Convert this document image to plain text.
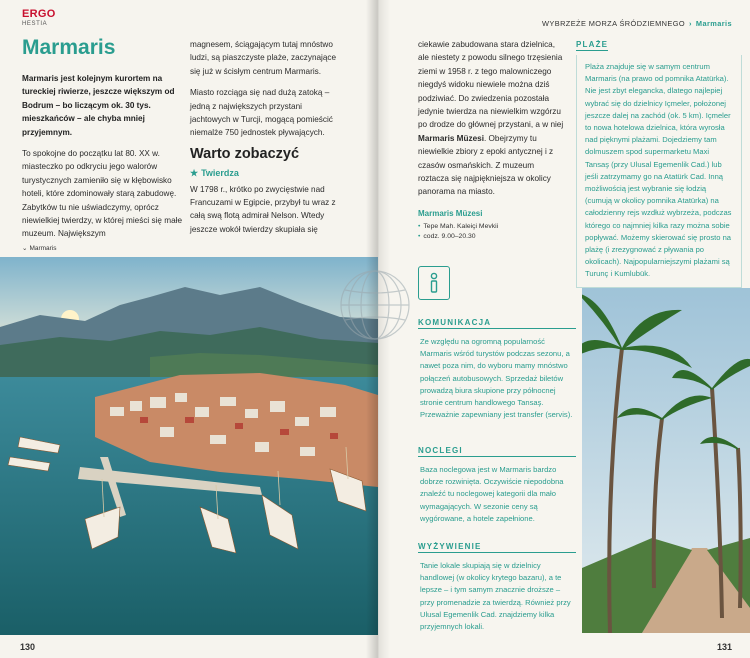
ERGO
HESTIA
Marmaris

Marmaris jest kolejnym kurortem na tureckiej riwierze, jeszcze większym od Bodrum – bo liczącym ok. 30 tys. mieszkańców – ale chyba mniej przyjemnym.

To spokojne do początku lat 80. XX w. miasteczko po odkryciu jego walorów turystycznych zamieniło się w kłębowisko hoteli, które zdominowały starą zabudowę. Zabytków tu nie uświadczymy, oprócz niewielkiej twierdzy, w której mieści się małe muzeum. Największym

magnesem, ściągającym tutaj mnóstwo ludzi, są piaszczyste plaże, zaczynające się już w ścisłym centrum Marmaris.

Miasto rozciąga się nad dużą zatoką – jedną z największych przystani jachtowych w Turcji, mogącą pomieścić niemalże 750 jednostek pływających.

Warto zobaczyć
★ Twierdza

W 1798 r., krótko po zwycięstwie nad Francuzami w Egipcie, przybył tu wraz z całą swą flotą admirał Nelson. Wtedy jeszcze wokół twierdzy skupiała się

⌄ Marmaris
130
WYBRZEŻE MORZA ŚRÓDZIEMNEGO › Marmaris

ciekawie zabudowana stara dzielnica, ale niestety z powodu silnego trzęsienia ziemi w 1958 r. z tego malowniczego niegdyś widoku niewiele można dziś podziwiać. Do zwiedzenia pozostała jedynie twierdza na niewielkim wzgórzu po drodze do głównej przystani, a w niej Marmaris Müzesi. Obejrzymy tu niewielkie zbiory z epoki antycznej i z czasów osmańskich. Z muzeum roztacza się najpiękniejsza w okolicy panorama na miasto.

Marmaris Müzesi
• Tepe Mah. Kaleiçi Mevkii
• codz. 9.00–20.30
PLAŻE
Plaża znajduje się w samym centrum Marmaris (na prawo od pomnika Atatürka). Nie jest zbyt elegancka, dlatego najlepiej wybrać się do dzielnicy Içmeler, położonej jeszcze dalej na zachód (ok. 5 km). Içmeler to nowa hotelowa dzielnica, która wyrosła nad pięknymi plażami. Dojedziemy tam dolmuszem spod supermarketu Maxi Tansaş (przy Ulusal Egemenlik Cad.) lub jeśli zatrzymamy go na Atatürk Cad. Inną możliwością jest wybranie się łodzią (cumują w okolicy pomnika Atatürka) na całodzienny rejs wzdłuż wybrzeża, podczas którego co najmniej kilka razy można sobie popływać. Możemy skierować się prosto na plażę (i zrezygnować z pływania po okolicach). Najpopularniejszymi plażami są Turunç i Kumlubük.
KOMUNIKACJA
Ze względu na ogromną popularność Marmaris wśród turystów podczas sezonu, a nawet poza nim, do wyboru mamy mnóstwo połączeń autobusowych. Sprzedaż biletów prowadzą biura skupione przy północnej stronie centrum handlowego Tansaş. Przeważnie zapewniany jest transfer (servis).
NOCLEGI
Baza noclegowa jest w Marmaris bardzo dobrze rozwinięta. Oczywiście niepodobna znaleźć tu noclegowej kategorii dla mało wymagających. W sezonie ceny są wygórowane, a hotele zapełnione.
WYŻYWIENIE
Tanie lokale skupiają się w dzielnicy handlowej (w okolicy krytego bazaru), a te lepsze – i tym samym znacznie droższe – przy promenadzie za twierdzą. Również przy Ulusal Egemenlik Cad. znajdziemy kilka przyjemnych lokali.
131
